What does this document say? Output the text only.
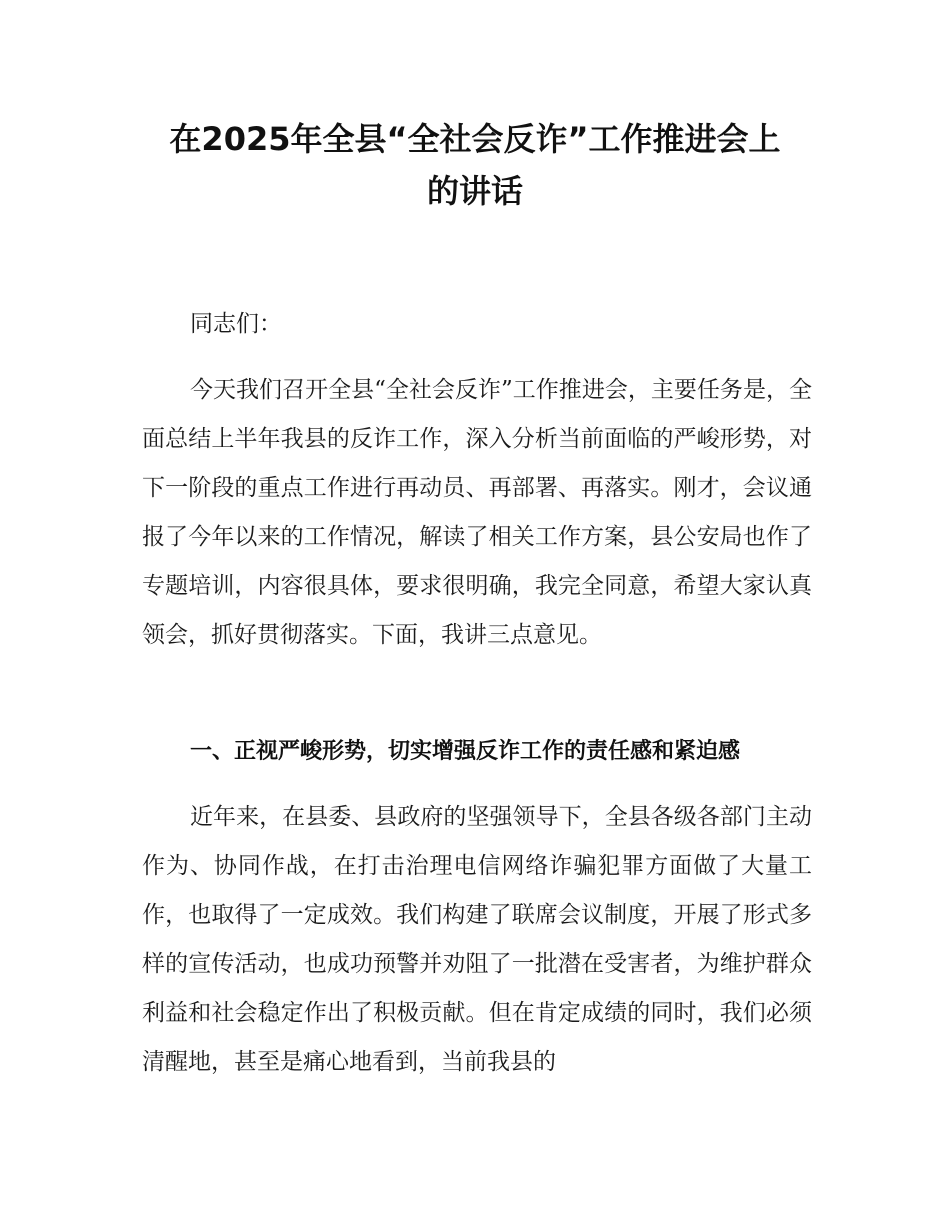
在2025年全县“全社会反诈”工作推进会上
的讲话

同志们：

今天我们召开全县“全社会反诈”工作推进会，主要任务是，全面总结上半年我县的反诈工作，深入分析当前面临的严峻形势，对下一阶段的重点工作进行再动员、再部署、再落实。刚才，会议通报了今年以来的工作情况，解读了相关工作方案，县公安局也作了专题培训，内容很具体，要求很明确，我完全同意，希望大家认真领会，抓好贯彻落实。下面，我讲三点意见。

一、正视严峻形势，切实增强反诈工作的责任感和紧迫感

近年来，在县委、县政府的坚强领导下，全县各级各部门主动作为、协同作战，在打击治理电信网络诈骗犯罪方面做了大量工作，也取得了一定成效。我们构建了联席会议制度，开展了形式多样的宣传活动，也成功预警并劝阻了一批潜在受害者，为维护群众利益和社会稳定作出了积极贡献。但在肯定成绩的同时，我们必须清醒地，甚至是痛心地看到，当前我县的
